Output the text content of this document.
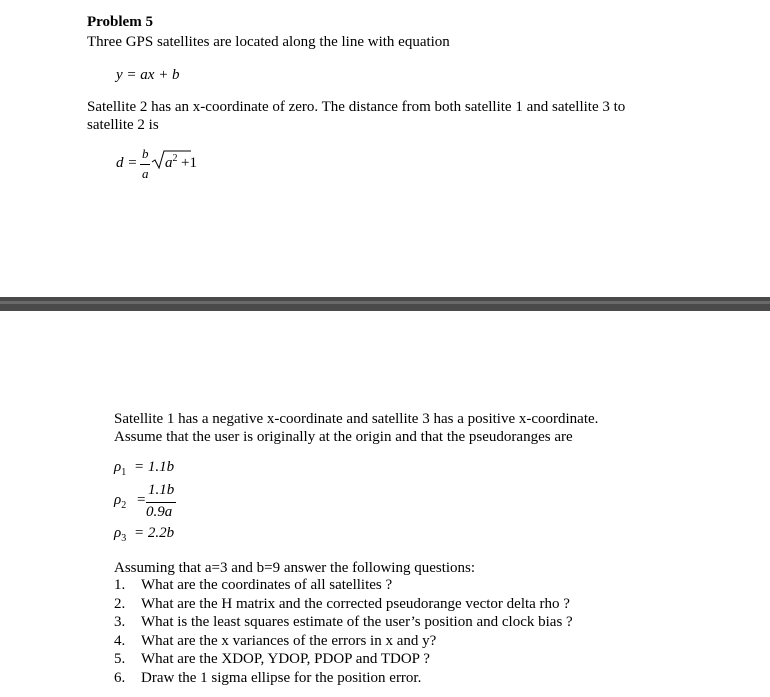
Problem 5
Three GPS satellites are located along the line with equation
y = ax + b
Satellite 2 has an x-coordinate of zero. The distance from both satellite 1 and satellite 3 to
satellite 2 is
d =
b
a
$a^2 +1$
Satellite 1 has a negative x-coordinate and satellite 3 has a positive x-coordinate.
Assume that the user is originally at the origin and that the pseudoranges are
$\rho_1 = 1.1b$
$\rho_2$ =
1.1b
0.9a
$\rho_3 = 2.2b$
Assuming that a=3 and b=9 answer the following questions:
1. What are the coordinates of all satellites ?
2. What are the H matrix and the corrected pseudorange vector delta rho ?
3. What is the least squares estimate of the user’s position and clock bias ?
4. What are the x variances of the errors in x and y?
5. What are the XDOP, YDOP, PDOP and TDOP ?
6. Draw the 1 sigma ellipse for the position error.
